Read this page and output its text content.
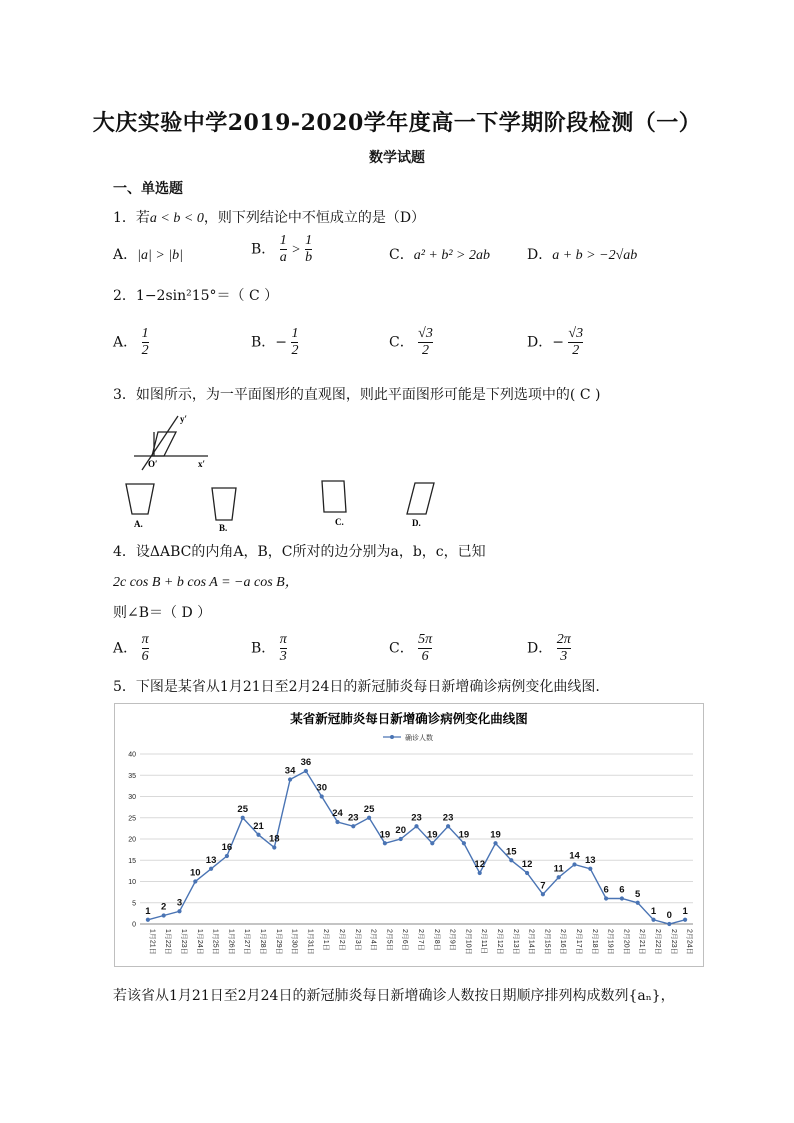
大庆实验中学2019-2020学年度高一下学期阶段检测（一）
数学试题
一、单选题
1．若a < b < 0，则下列结论中不恒成立的是（D）
A．|a| > |b|	B． $\frac{1}{a} > \frac{1}{b}$	C．a² + b² > 2ab	D．a + b > −2√ab
2．1−2sin²15°＝（ C ）
A． $\frac{1}{2}$	B．− $\frac{1}{2}$	C． $\frac{√3}{2}$	D．− $\frac{√3}{2}$
3．如图所示，为一平面图形的直观图，则此平面图形可能是下列选项中的( C )
y′
x′
O′
A.	B.
C.	D.
4．设ΔABC的内角A，B，C所对的边分别为a，b，c，已知
2c cos B + b cos A = −a cos B，
则∠B＝（ D ）
A． $\frac{\pi}{6}$	B． $\frac{\pi}{3}$	C． $\frac{5\pi}{6}$	D． $\frac{2\pi}{3}$
5．下图是某省从1月21日至2月24日的新冠肺炎每日新增确诊病例变化曲线图.
某省新冠肺炎每日新增确诊病例变化曲线图
确诊人数
0
5
10
15
20
25
30
35
40
1月21日 1月22日 1月23日 1月24日 1月25日 1月26日 1月27日 1月28日 1月29日 1月30日 1月31日 2月1日 2月2日 2月3日 2月4日 2月5日 2月6日 2月7日 2月8日 2月9日 2月10日 2月11日 2月12日 2月13日 2月14日 2月15日 2月16日 2月17日 2月18日 2月19日 2月20日 2月21日 2月22日 2月23日 2月24日
1 2 3
10
13
16
25
21
18
34
36
30
24 23
25
19 20
23
19
23
19
12
19
15
12
7
11
14 13
6 6 5
1 0 1
若该省从1月21日至2月24日的新冠肺炎每日新增确诊人数按日期顺序排列构成数列{aₙ}，
